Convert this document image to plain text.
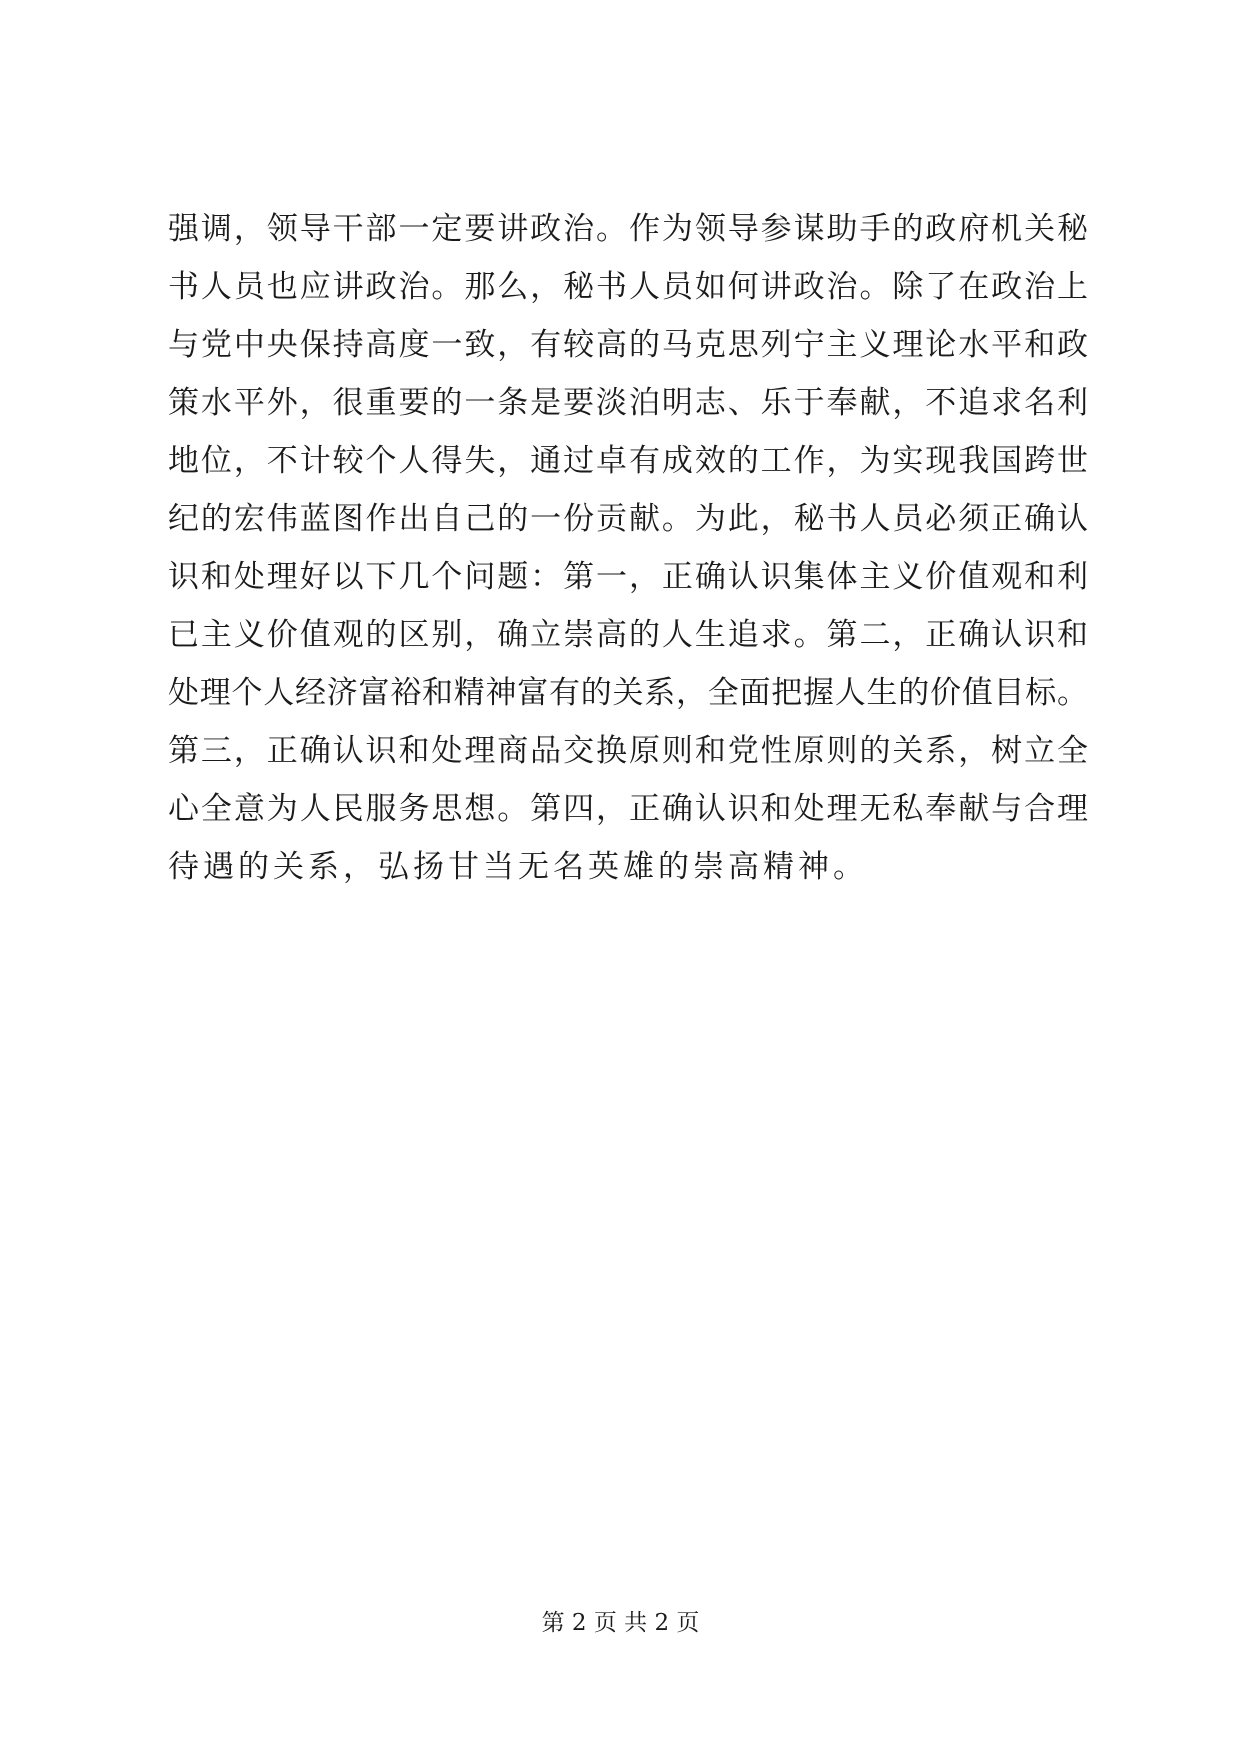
强调，领导干部一定要讲政治。作为领导参谋助手的政府机关秘
书人员也应讲政治。那么，秘书人员如何讲政治。除了在政治上
与党中央保持高度一致，有较高的马克思列宁主义理论水平和政
策水平外，很重要的一条是要淡泊明志、乐于奉献，不追求名利
地位，不计较个人得失，通过卓有成效的工作，为实现我国跨世
纪的宏伟蓝图作出自己的一份贡献。为此，秘书人员必须正确认
识和处理好以下几个问题：第一，正确认识集体主义价值观和利
已主义价值观的区别，确立崇高的人生追求。第二，正确认识和
处理个人经济富裕和精神富有的关系，全面把握人生的价值目标。
第三，正确认识和处理商品交换原则和党性原则的关系，树立全
心全意为人民服务思想。第四，正确认识和处理无私奉献与合理
待遇的关系，弘扬甘当无名英雄的崇高精神。
第 2 页 共 2 页
